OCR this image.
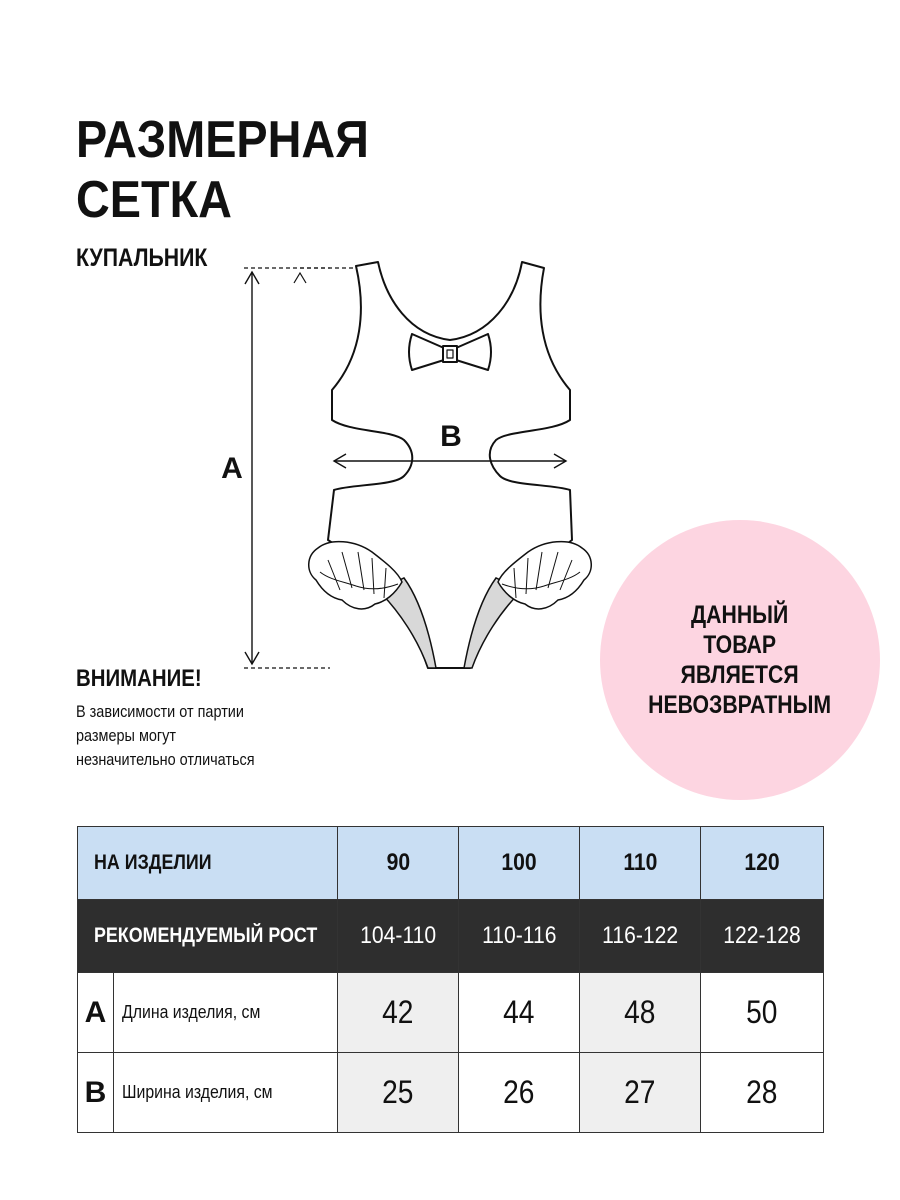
РАЗМЕРНАЯ
СЕТКА

КУПАЛЬНИК

A
B

ВНИМАНИЕ!

В зависимости от партии размеры могут незначительно отличаться

ДАННЫЙ
ТОВАР
ЯВЛЯЕТСЯ
НЕВОЗВРАТНЫМ
НА ИЗДЕЛИИ		90	100	110	120
РЕКОМЕНДУЕМЫЙ РОСТ		104-110	110-116	116-122	122-128
A	Длина изделия, см	42	44	48	50
B	Ширина изделия, см	25	26	27	28
